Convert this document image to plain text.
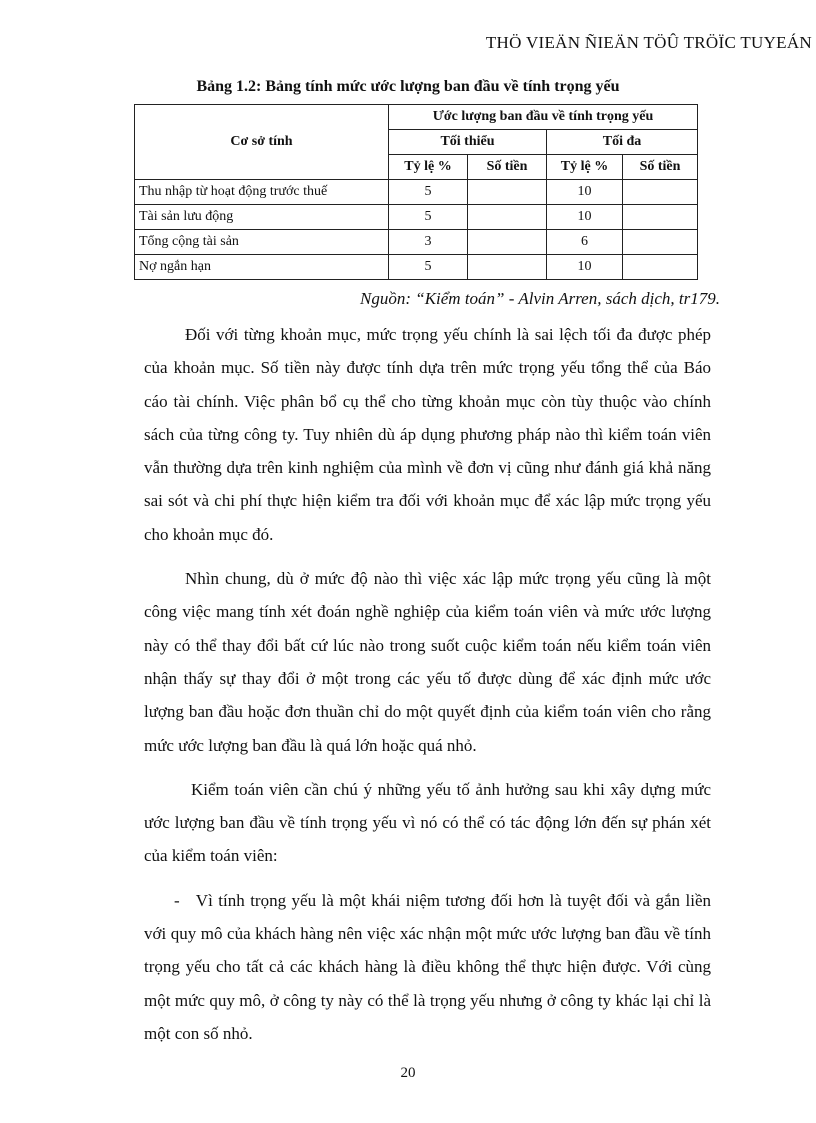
THÖ VIEÄN ÑIEÄN TÖÛ TRÖÏC TUYEÁN
Bảng 1.2: Bảng tính mức ước lượng ban đầu về tính trọng yếu
Cơ sở tính	Ước lượng ban đầu về tính trọng yếu			
	Tối thiểu		Tối đa	
	Tỷ lệ %	Số tiền	Tỷ lệ %	Số tiền
Thu nhập từ hoạt động trước thuế	5		10	
Tài sản lưu động	5		10	
Tổng cộng tài sản	3		6	
Nợ ngắn hạn	5		10	
Nguồn: “Kiểm toán” - Alvin Arren, sách dịch, tr179.

Đối với từng khoản mục, mức trọng yếu chính là sai lệch tối đa được phép của khoản mục. Số tiền này được tính dựa trên mức trọng yếu tổng thể của Báo cáo tài chính. Việc phân bổ cụ thể cho từng khoản mục còn tùy thuộc vào chính sách của từng công ty. Tuy nhiên dù áp dụng phương pháp nào thì kiểm toán viên vẫn thường dựa trên kinh nghiệm của mình về đơn vị cũng như đánh giá khả năng sai sót và chi phí thực hiện kiểm tra đối với khoản mục để xác lập mức trọng yếu cho khoản mục đó.

Nhìn chung, dù ở mức độ nào thì việc xác lập mức trọng yếu cũng là một công việc mang tính xét đoán nghề nghiệp của kiểm toán viên và mức ước lượng này có thể thay đổi bất cứ lúc nào trong suốt cuộc kiểm toán nếu kiểm toán viên nhận thấy sự thay đổi ở một trong các yếu tố được dùng để xác định mức ước lượng ban đầu hoặc đơn thuần chỉ do một quyết định của kiểm toán viên cho rằng mức ước lượng ban đầu là quá lớn hoặc quá nhỏ.

Kiểm toán viên cần chú ý những yếu tố ảnh hưởng sau khi xây dựng mức ước lượng ban đầu về tính trọng yếu vì nó có thể có tác động lớn đến sự phán xét của kiểm toán viên:

-   Vì tính trọng yếu là một khái niệm tương đối hơn là tuyệt đối và gắn liền với quy mô của khách hàng nên việc xác nhận một mức ước lượng ban đầu về tính trọng yếu cho tất cả các khách hàng là điều không thể thực hiện được. Với cùng một mức quy mô, ở công ty này có thể là trọng yếu nhưng ở công ty khác lại chỉ là một con số nhỏ.

20
